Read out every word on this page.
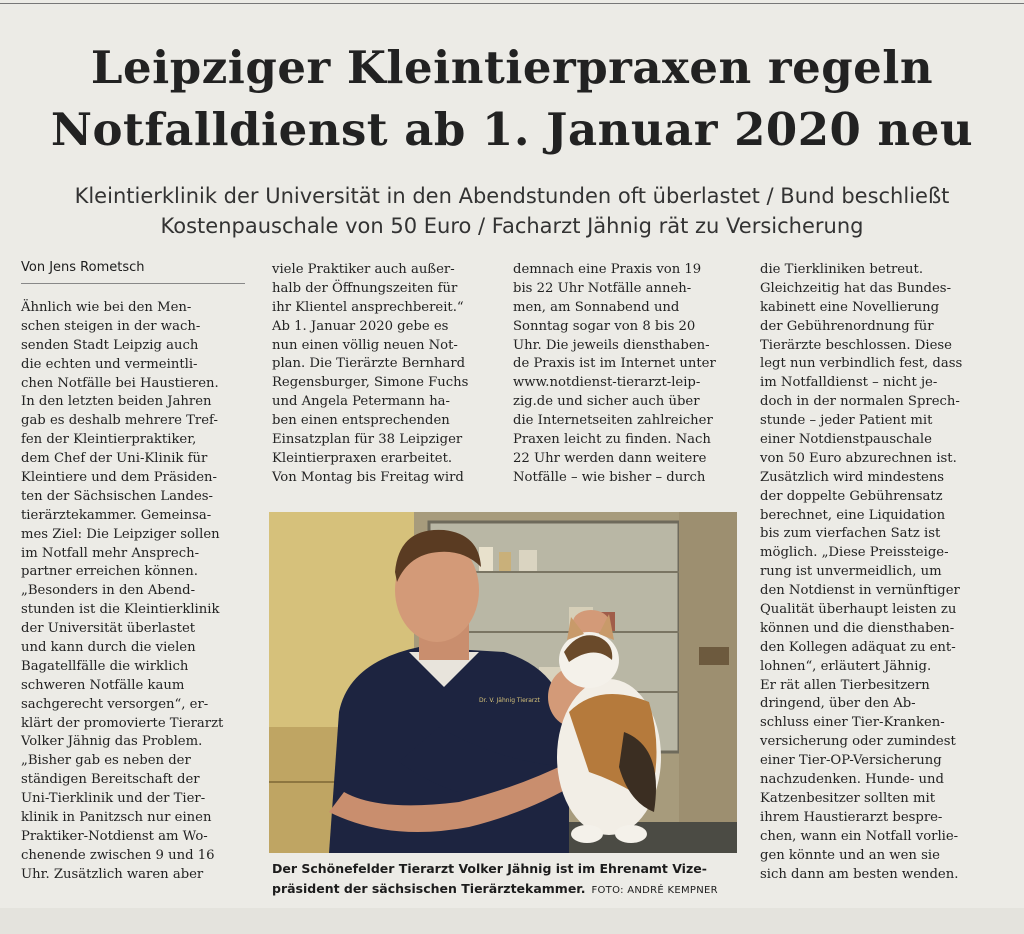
Leipziger Kleintierpraxen regeln
Notfalldienst ab 1. Januar 2020 neu
Kleintierklinik der Universität in den Abendstunden oft überlastet / Bund beschließt
Kostenpauschale von 50 Euro / Facharzt Jähnig rät zu Versicherung
Von Jens Rometsch
Ähnlich wie bei den Men-
schen steigen in der wach-
senden Stadt Leipzig auch
die echten und vermeintli-
chen Notfälle bei Haustieren.
In den letzten beiden Jahren
gab es deshalb mehrere Tref-
fen der Kleintierpraktiker,
dem Chef der Uni-Klinik für
Kleintiere und dem Präsiden-
ten der Sächsischen Landes-
tierärztekammer. Gemeinsa-
mes Ziel: Die Leipziger sollen
im Notfall mehr Ansprech-
partner erreichen können.
„Besonders in den Abend-
stunden ist die Kleintierklinik
der Universität überlastet
und kann durch die vielen
Bagatellfälle die wirklich
schweren Notfälle kaum
sachgerecht versorgen“, er-
klärt der promovierte Tierarzt
Volker Jähnig das Problem.
„Bisher gab es neben der
ständigen Bereitschaft der
Uni-Tierklinik und der Tier-
klinik in Panitzsch nur einen
Praktiker-Notdienst am Wo-
chenende zwischen 9 und 16
Uhr. Zusätzlich waren aber
viele Praktiker auch außer-
halb der Öffnungszeiten für
ihr Klientel ansprechbereit.“
Ab 1. Januar 2020 gebe es
nun einen völlig neuen Not-
plan. Die Tierärzte Bernhard
Regensburger, Simone Fuchs
und Angela Petermann ha-
ben einen entsprechenden
Einsatzplan für 38 Leipziger
Kleintierpraxen erarbeitet.
Von Montag bis Freitag wird
demnach eine Praxis von 19
bis 22 Uhr Notfälle anneh-
men, am Sonnabend und
Sonntag sogar von 8 bis 20
Uhr. Die jeweils diensthaben-
de Praxis ist im Internet unter
www.notdienst-tierarzt-leip-
zig.de und sicher auch über
die Internetseiten zahlreicher
Praxen leicht zu finden. Nach
22 Uhr werden dann weitere
Notfälle – wie bisher – durch
die Tierkliniken betreut.
Gleichzeitig hat das Bundes-
kabinett eine Novellierung
der Gebührenordnung für
Tierärzte beschlossen. Diese
legt nun verbindlich fest, dass
im Notfalldienst – nicht je-
doch in der normalen Sprech-
stunde – jeder Patient mit
einer Notdienstpauschale
von 50 Euro abzurechnen ist.
Zusätzlich wird mindestens
der doppelte Gebührensatz
berechnet, eine Liquidation
bis zum vierfachen Satz ist
möglich. „Diese Preissteige-
rung ist unvermeidlich, um
den Notdienst in vernünftiger
Qualität überhaupt leisten zu
können und die diensthaben-
den Kollegen adäquat zu ent-
lohnen“, erläutert Jähnig.
Er rät allen Tierbesitzern
dringend, über den Ab-
schluss einer Tier-Kranken-
versicherung oder zumindest
einer Tier-OP-Versicherung
nachzudenken. Hunde- und
Katzenbesitzer sollten mit
ihrem Haustierarzt bespre-
chen, wann ein Notfall vorlie-
gen könnte und an wen sie
sich dann am besten wenden.
Dr. V. Jähnig Tierarzt
Der Schönefelder Tierarzt Volker Jähnig ist im Ehrenamt Vize-
präsident der sächsischen Tierärztekammer. FOTO: ANDRÉ KEMPNER
